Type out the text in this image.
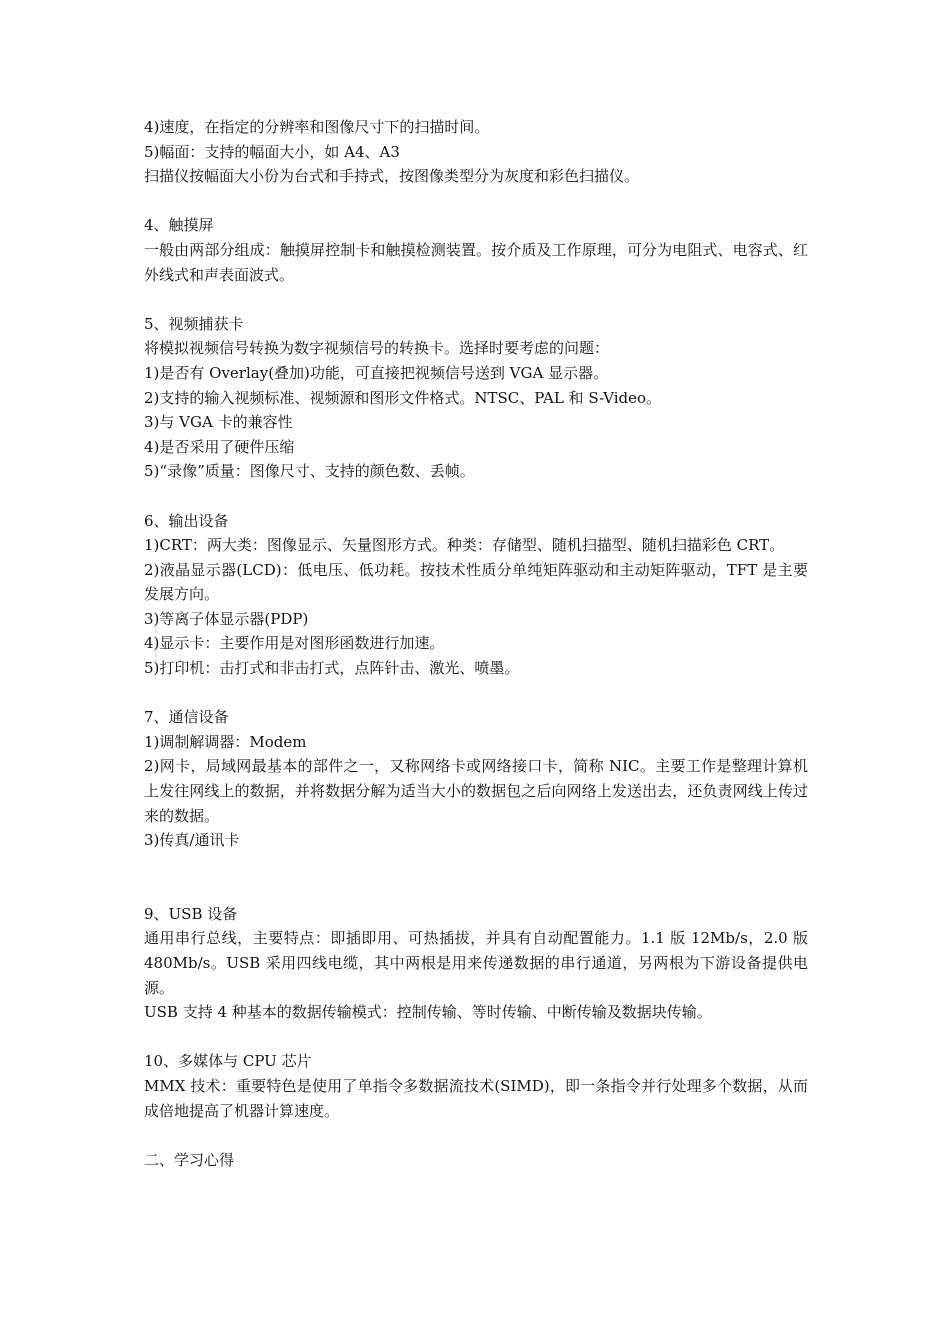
4)速度，在指定的分辨率和图像尺寸下的扫描时间。
5)幅面：支持的幅面大小，如 A4、A3
扫描仪按幅面大小份为台式和手持式，按图像类型分为灰度和彩色扫描仪。
4、触摸屏
一般由两部分组成：触摸屏控制卡和触摸检测装置。按介质及工作原理，可分为电阻式、电容式、红外线式和声表面波式。
5、视频捕获卡
将模拟视频信号转换为数字视频信号的转换卡。选择时要考虑的问题：
1)是否有 Overlay(叠加)功能，可直接把视频信号送到 VGA 显示器。
2)支持的输入视频标准、视频源和图形文件格式。NTSC、PAL 和 S-Video。
3)与 VGA 卡的兼容性
4)是否采用了硬件压缩
5)“录像”质量：图像尺寸、支持的颜色数、丢帧。
6、输出设备
1)CRT：两大类：图像显示、矢量图形方式。种类：存储型、随机扫描型、随机扫描彩色 CRT。
2)液晶显示器(LCD)：低电压、低功耗。按技术性质分单纯矩阵驱动和主动矩阵驱动，TFT 是主要发展方向。
3)等离子体显示器(PDP)
4)显示卡：主要作用是对图形函数进行加速。
5)打印机：击打式和非击打式，点阵针击、激光、喷墨。
7、通信设备
1)调制解调器：Modem
2)网卡，局域网最基本的部件之一，又称网络卡或网络接口卡，简称 NIC。主要工作是整理计算机上发往网线上的数据，并将数据分解为适当大小的数据包之后向网络上发送出去，还负责网线上传过来的数据。
3)传真/通讯卡
9、USB 设备
通用串行总线，主要特点：即插即用、可热插拔，并具有自动配置能力。1.1 版 12Mb/s，2.0 版 480Mb/s。USB 采用四线电缆，其中两根是用来传递数据的串行通道，另两根为下游设备提供电源。
USB 支持 4 种基本的数据传输模式：控制传输、等时传输、中断传输及数据块传输。
10、多媒体与 CPU 芯片
MMX 技术：重要特色是使用了单指令多数据流技术(SIMD)，即一条指令并行处理多个数据，从而成倍地提高了机器计算速度。
二、学习心得
